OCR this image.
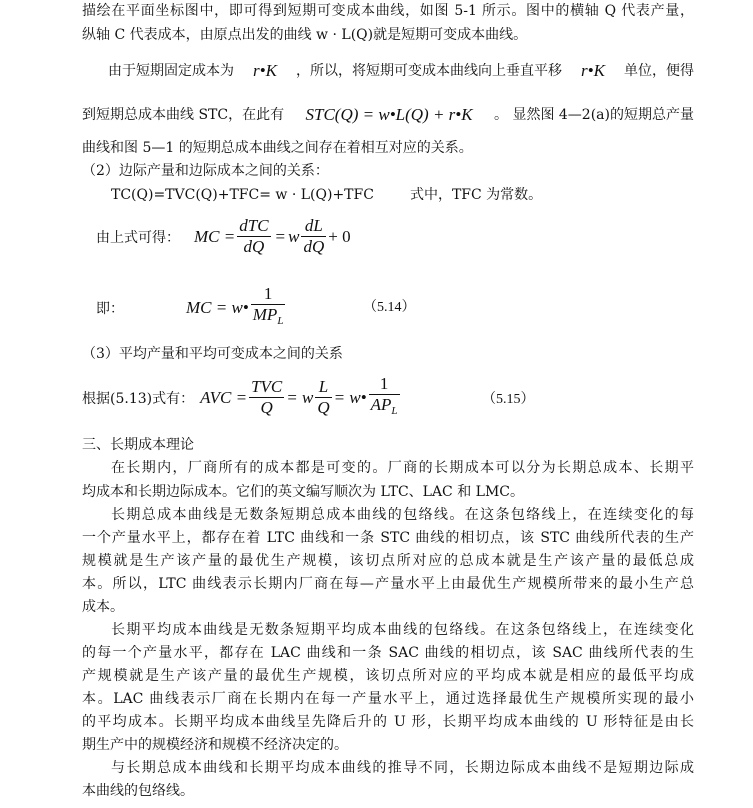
描绘在平面坐标图中，即可得到短期可变成本曲线，如图 5-1 所示。图中的横轴 Q 代表产量，
纵轴 C 代表成本，由原点出发的曲线 w · L(Q)就是短期可变成本曲线。
由于短期固定成本为 r•K ，所以，将短期可变成本曲线向上垂直平移 r•K 单位，便得
到短期总成本曲线 STC，在此有 STC(Q) = w•L(Q) + r•K 。 显然图 4—2(a)的短期总产量
曲线和图 5—1 的短期总成本曲线之间存在着相互对应的关系。
（2）边际产量和边际成本之间的关系：
TC(Q)=TVC(Q)+TFC= w · L(Q)+TFC	式中，TFC 为常数。
由上式可得： MC = $\frac{\text{dTC}}{dQ} = w \frac{dL}{dQ} + 0$
即：	MC = w• $\frac{1}{MP_L}$	（5.14）
（3）平均产量和平均可变成本之间的关系
根据(5.13)式有： AVC = $\frac{\text{TVC}}{Q} = w \frac{L}{Q}$ = w• $\frac{1}{AP_L}$	（5.15）
三、长期成本理论
在长期内，厂商所有的成本都是可变的。厂商的长期成本可以分为长期总成本、长期平
均成本和长期边际成本。它们的英文编写顺次为 LTC、LAC 和 LMC。
长期总成本曲线是无数条短期总成本曲线的包络线。在这条包络线上，在连续变化的每
一个产量水平上，都存在着 LTC 曲线和一条 STC 曲线的相切点，该 STC 曲线所代表的生产
规模就是生产该产量的最优生产规模，该切点所对应的总成本就是生产该产量的最低总成
本。所以，LTC 曲线表示长期内厂商在每—产量水平上由最优生产规模所带来的最小生产总
成本。
长期平均成本曲线是无数条短期平均成本曲线的包络线。在这条包络线上，在连续变化
的每一个产量水平，都存在 LAC 曲线和一条 SAC 曲线的相切点，该 SAC 曲线所代表的生
产规模就是生产该产量的最优生产规模，该切点所对应的平均成本就是相应的最低平均成
本。LAC 曲线表示厂商在长期内在每一产量水平上，通过选择最优生产规模所实现的最小
的平均成本。长期平均成本曲线呈先降后升的 U 形，长期平均成本曲线的 U 形特征是由长
期生产中的规模经济和规模不经济决定的。
与长期总成本曲线和长期平均成本曲线的推导不同，长期边际成本曲线不是短期边际成
本曲线的包络线。
